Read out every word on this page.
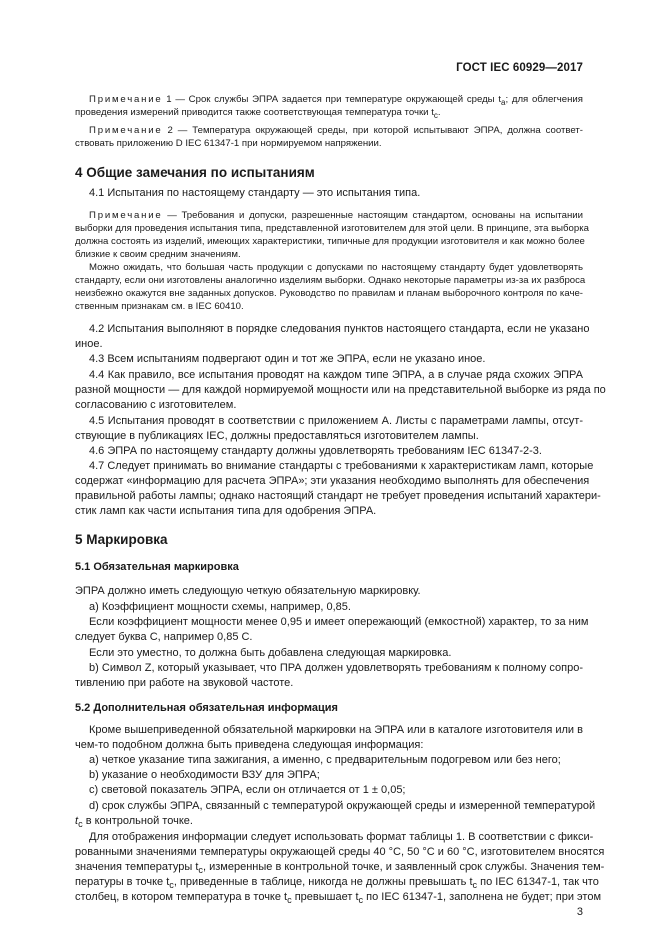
ГОСТ IEC 60929—2017
Примечание 1 — Срок службы ЭПРА задается при температуре окружающей среды $t_a$; для облегчения
проведения измерений приводится также соответствующая температура точки $t_c$.
Примечание 2 — Температура окружающей среды, при которой испытывают ЭПРА, должна соответ-
ствовать приложению D IEC 61347-1 при нормируемом напряжении.
4 Общие замечания по испытаниям
4.1 Испытания по настоящему стандарту — это испытания типа.
Примечание — Требования и допуски, разрешенные настоящим стандартом, основаны на испытании
выборки для проведения испытания типа, представленной изготовителем для этой цели. В принципе, эта выборка
должна состоять из изделий, имеющих характеристики, типичные для продукции изготовителя и как можно более
близкие к своим средним значениям.
Можно ожидать, что большая часть продукции с допусками по настоящему стандарту будет удовлетворять
стандарту, если они изготовлены аналогично изделиям выборки. Однако некоторые параметры из-за их разброса
неизбежно окажутся вне заданных допусков. Руководство по правилам и планам выборочного контроля по каче-
ственным признакам см. в IEC 60410.
4.2 Испытания выполняют в порядке следования пунктов настоящего стандарта, если не указано
иное.
4.3 Всем испытаниям подвергают один и тот же ЭПРА, если не указано иное.
4.4 Как правило, все испытания проводят на каждом типе ЭПРА, а в случае ряда схожих ЭПРА
разной мощности — для каждой нормируемой мощности или на представительной выборке из ряда по
согласованию с изготовителем.
4.5 Испытания проводят в соответствии с приложением А. Листы с параметрами лампы, отсут-
ствующие в публикациях IEC, должны предоставляться изготовителем лампы.
4.6 ЭПРА по настоящему стандарту должны удовлетворять требованиям IEC 61347-2-3.
4.7 Следует принимать во внимание стандарты с требованиями к характеристикам ламп, которые
содержат «информацию для расчета ЭПРА»; эти указания необходимо выполнять для обеспечения
правильной работы лампы; однако настоящий стандарт не требует проведения испытаний характери-
стик ламп как части испытания типа для одобрения ЭПРА.
5 Маркировка
5.1 Обязательная маркировка
ЭПРА должно иметь следующую четкую обязательную маркировку.
a) Коэффициент мощности схемы, например, 0,85.
Если коэффициент мощности менее 0,95 и имеет опережающий (емкостной) характер, то за ним
следует буква С, например 0,85 С.
Если это уместно, то должна быть добавлена следующая маркировка.
b) Символ Z, который указывает, что ПРА должен удовлетворять требованиям к полному сопро-
тивлению при работе на звуковой частоте.
5.2 Дополнительная обязательная информация
Кроме вышеприведенной обязательной маркировки на ЭПРА или в каталоге изготовителя или в
чем-то подобном должна быть приведена следующая информация:
a) четкое указание типа зажигания, а именно, с предварительным подогревом или без него;
b) указание о необходимости ВЗУ для ЭПРА;
c) световой показатель ЭПРА, если он отличается от 1 ± 0,05;
d) срок службы ЭПРА, связанный с температурой окружающей среды и измеренной температурой
$t_c$ в контрольной точке.
Для отображения информации следует использовать формат таблицы 1. В соответствии с фикси-
рованными значениями температуры окружающей среды 40 °С, 50 °С и 60 °С, изготовителем вносятся
значения температуры $t_c$, измеренные в контрольной точке, и заявленный срок службы. Значения тем-
пературы в точке $t_c$, приведенные в таблице, никогда не должны превышать $t_c$ по IEC 61347-1, так что
столбец, в котором температура в точке $t_c$ превышает $t_c$ по IEC 61347-1, заполнена не будет; при этом
3
